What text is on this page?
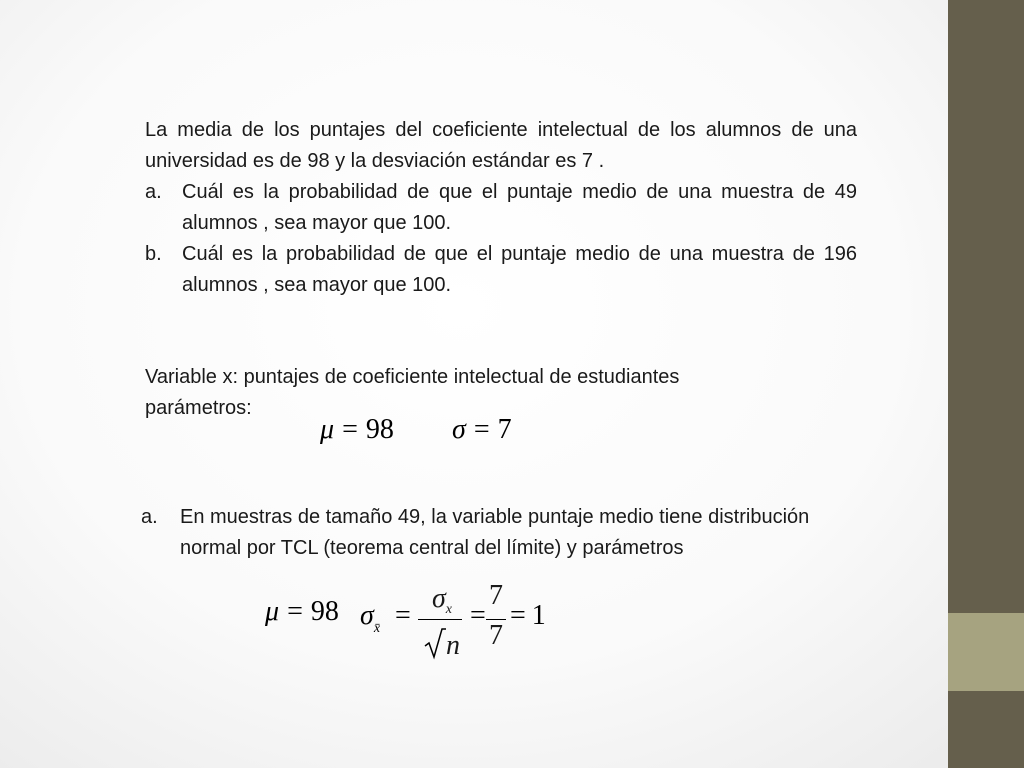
La media de los puntajes del coeficiente intelectual de los alumnos de una universidad es de 98 y la desviación estándar es 7 .
a. Cuál es la probabilidad de que el puntaje medio de una muestra de 49 alumnos , sea mayor que 100.
b. Cuál es la probabilidad de que el puntaje medio de una muestra de 196 alumnos , sea mayor que 100.
Variable x: puntajes de coeficiente intelectual de estudiantes
parámetros:
μ = 98 σ = 7
a. En muestras de tamaño 49, la variable puntaje medio tiene distribución normal por TCL (teorema central del límite) y parámetros
μ = 98 $\sigma_{x̄}$ =
$\sigma_x$
n
=
7
7
= 1
